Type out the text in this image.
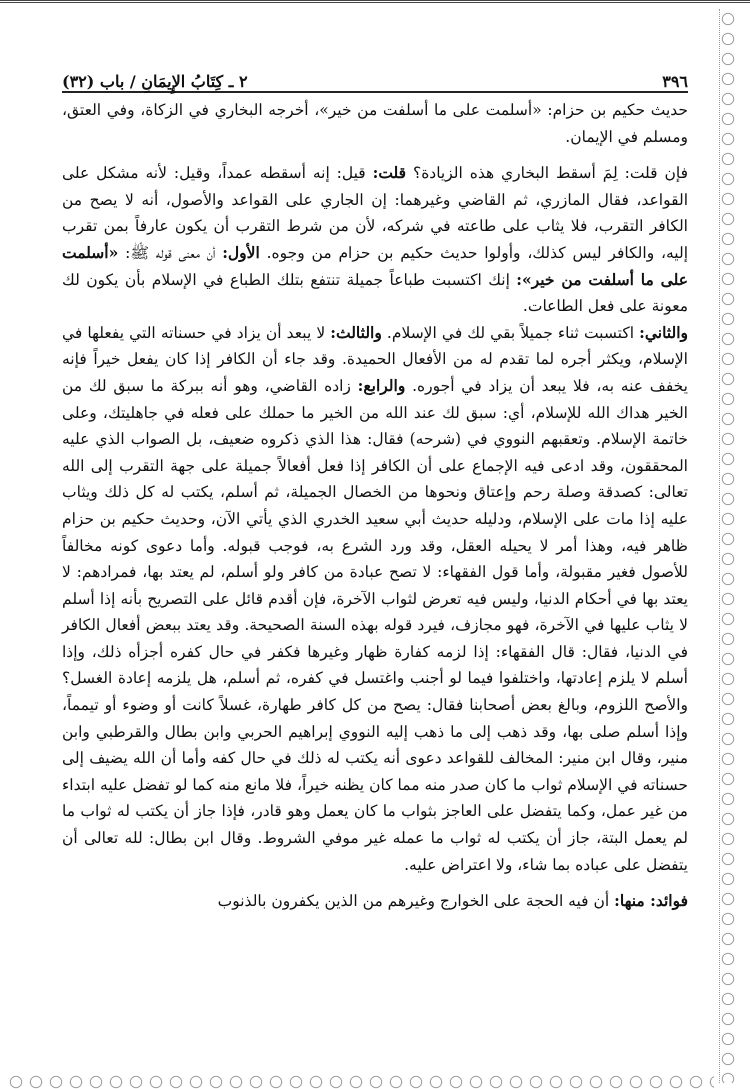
٣٩٦
٢ ـ كِتَابُ الإِيمَانِ / باب (٣٢)

حديث حكيم بن حزام: «أسلمت على ما أسلفت من خير»، أخرجه البخاري في الزكاة، وفي العتق، ومسلم في الإيمان.

فإن قلت: لِمَ أسقط البخاري هذه الزيادة؟ قلت: قيل: إنه أسقطه عمداً، وقيل: لأنه مشكل على القواعد، فقال المازري، ثم القاضي وغيرهما: إن الجاري على القواعد والأصول، أنه لا يصح من الكافر التقرب، فلا يثاب على طاعته في شركه، لأن من شرط التقرب أن يكون عارفاً بمن تقرب إليه، والكافر ليس كذلك، وأولوا حديث حكيم بن حزام من وجوه. الأول: أن معنى قوله ﷺ: «أسلمت على ما أسلفت من خير»: إنك اكتسبت طباعاً جميلة تنتفع بتلك الطباع في الإسلام بأن يكون لك معونة على فعل الطاعات.

والثاني: اكتسبت ثناء جميلاً بقي لك في الإسلام. والثالث: لا يبعد أن يزاد في حسناته التي يفعلها في الإسلام، ويكثر أجره لما تقدم له من الأفعال الحميدة. وقد جاء أن الكافر إذا كان يفعل خيراً فإنه يخفف عنه به، فلا يبعد أن يزاد في أجوره. والرابع: زاده القاضي، وهو أنه ببركة ما سبق لك من الخير هداك الله للإسلام، أي: سبق لك عند الله من الخير ما حملك على فعله في جاهليتك، وعلى خاتمة الإسلام. وتعقبهم النووي في (شرحه) فقال: هذا الذي ذكروه ضعيف، بل الصواب الذي عليه المحققون، وقد ادعى فيه الإجماع على أن الكافر إذا فعل أفعالاً جميلة على جهة التقرب إلى الله تعالى: كصدقة وصلة رحم وإعتاق ونحوها من الخصال الجميلة، ثم أسلم، يكتب له كل ذلك ويثاب عليه إذا مات على الإسلام، ودليله حديث أبي سعيد الخدري الذي يأتي الآن، وحديث حكيم بن حزام ظاهر فيه، وهذا أمر لا يحيله العقل، وقد ورد الشرع به، فوجب قبوله. وأما دعوى كونه مخالفاً للأصول فغير مقبولة، وأما قول الفقهاء: لا تصح عبادة من كافر ولو أسلم، لم يعتد بها، فمرادهم: لا يعتد بها في أحكام الدنيا، وليس فيه تعرض لثواب الآخرة، فإن أقدم قائل على التصريح بأنه إذا أسلم لا يثاب عليها في الآخرة، فهو مجازف، فيرد قوله بهذه السنة الصحيحة. وقد يعتد ببعض أفعال الكافر في الدنيا، فقال: قال الفقهاء: إذا لزمه كفارة ظهار وغيرها فكفر في حال كفره أجزأه ذلك، وإذا أسلم لا يلزم إعادتها، واختلفوا فيما لو أجنب واغتسل في كفره، ثم أسلم، هل يلزمه إعادة الغسل؟ والأصح اللزوم، وبالغ بعض أصحابنا فقال: يصح من كل كافر طهارة، غسلاً كانت أو وضوء أو تيمماً، وإذا أسلم صلى بها، وقد ذهب إلى ما ذهب إليه النووي إبراهيم الحربي وابن بطال والقرطبي وابن منير، وقال ابن منير: المخالف للقواعد دعوى أنه يكتب له ذلك في حال كفه وأما أن الله يضيف إلى حسناته في الإسلام ثواب ما كان صدر منه مما كان يظنه خيراً، فلا مانع منه كما لو تفضل عليه ابتداء من غير عمل، وكما يتفضل على العاجز بثواب ما كان يعمل وهو قادر، فإذا جاز أن يكتب له ثواب ما لم يعمل البتة، جاز أن يكتب له ثواب ما عمله غير موفي الشروط. وقال ابن بطال: لله تعالى أن يتفضل على عباده بما شاء، ولا اعتراض عليه.

فوائد: منها: أن فيه الحجة على الخوارج وغيرهم من الذين يكفرون بالذنوب
